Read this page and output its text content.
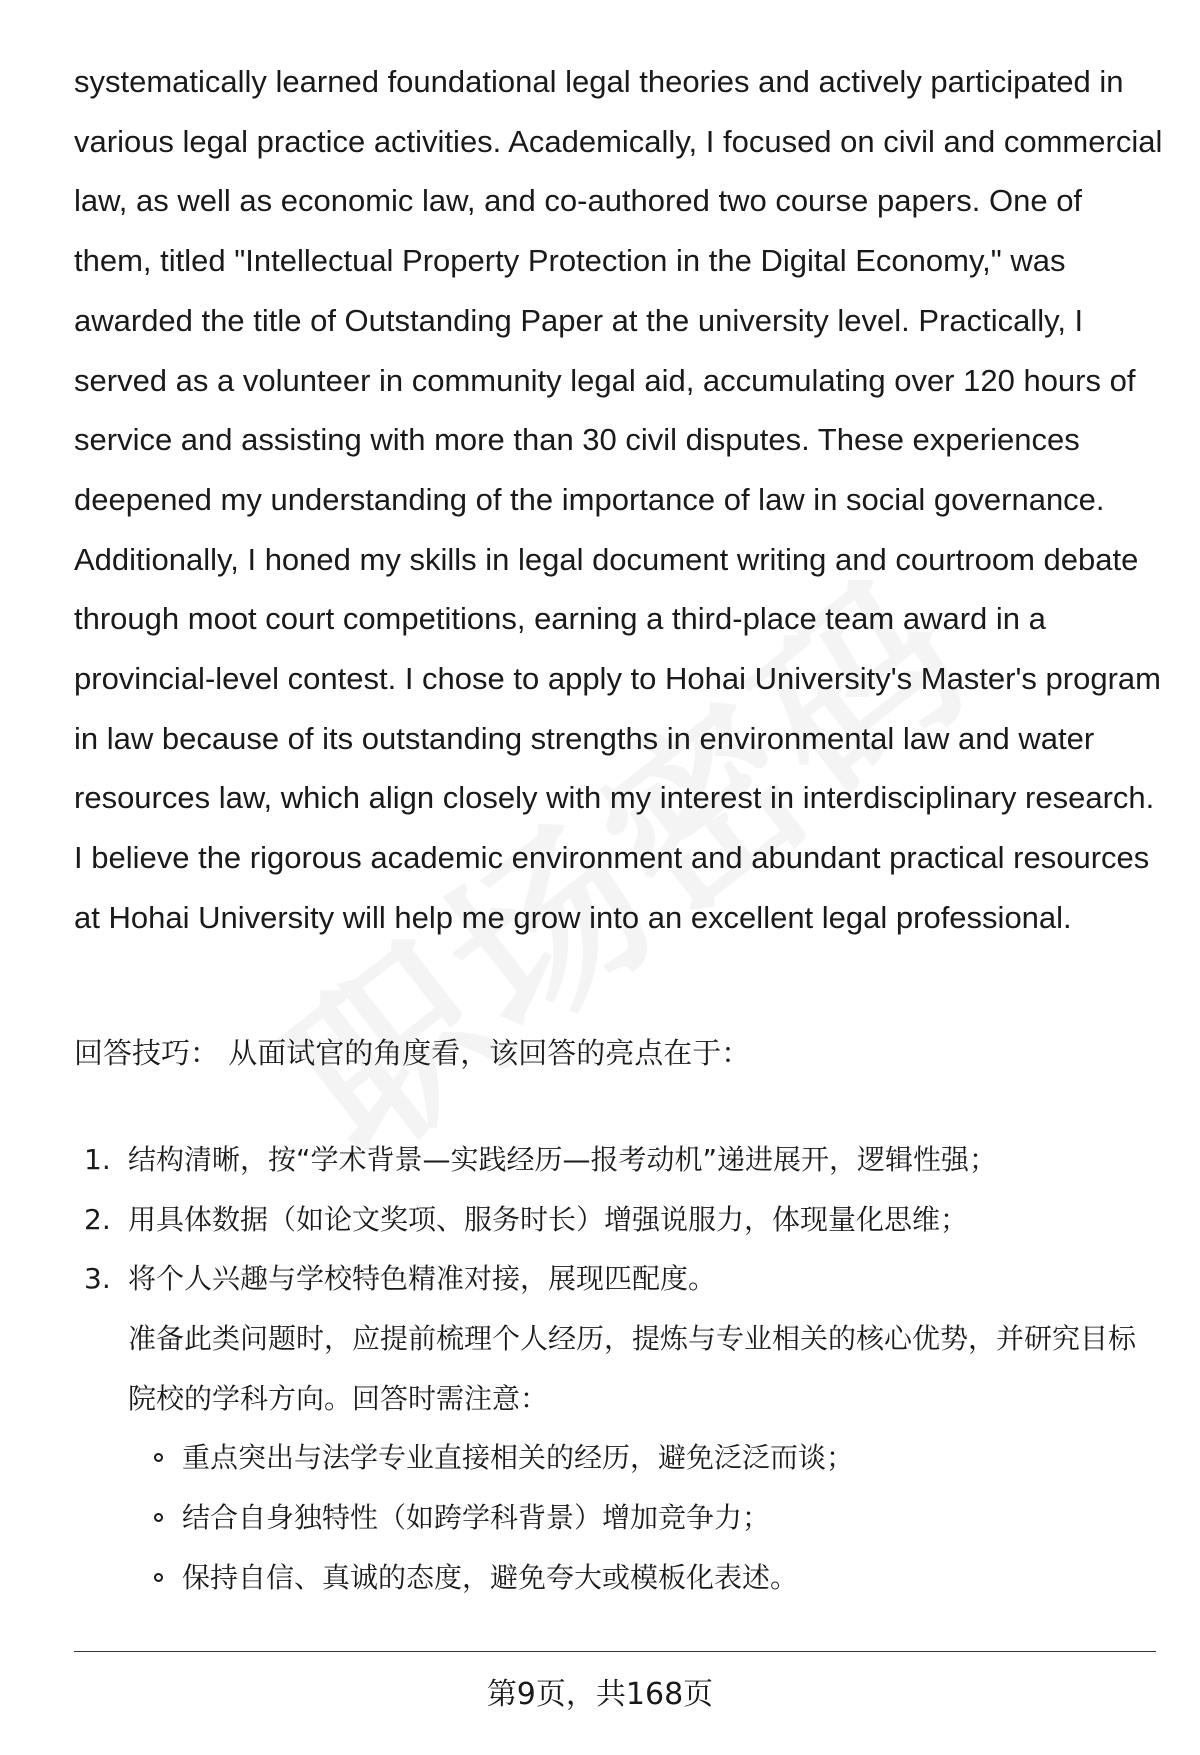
systematically learned foundational legal theories and actively participated in various legal practice activities. Academically, I focused on civil and commercial law, as well as economic law, and co-authored two course papers. One of them, titled "Intellectual Property Protection in the Digital Economy," was awarded the title of Outstanding Paper at the university level. Practically, I served as a volunteer in community legal aid, accumulating over 120 hours of service and assisting with more than 30 civil disputes. These experiences deepened my understanding of the importance of law in social governance. Additionally, I honed my skills in legal document writing and courtroom debate through moot court competitions, earning a third-place team award in a provincial-level contest. I chose to apply to Hohai University's Master's program in law because of its outstanding strengths in environmental law and water resources law, which align closely with my interest in interdisciplinary research. I believe the rigorous academic environment and abundant practical resources at Hohai University will help me grow into an excellent legal professional.

回答技巧： 从面试官的角度看，该回答的亮点在于：

1. 结构清晰，按“学术背景—实践经历—报考动机”递进展开，逻辑性强；
2. 用具体数据（如论文奖项、服务时长）增强说服力，体现量化思维；
3. 将个人兴趣与学校特色精准对接，展现匹配度。

准备此类问题时，应提前梳理个人经历，提炼与专业相关的核心优势，并研究目标院校的学科方向。回答时需注意：

重点突出与法学专业直接相关的经历，避免泛泛而谈；
结合自身独特性（如跨学科背景）增加竞争力；
保持自信、真诚的态度，避免夸大或模板化表述。
第9页，共168页
